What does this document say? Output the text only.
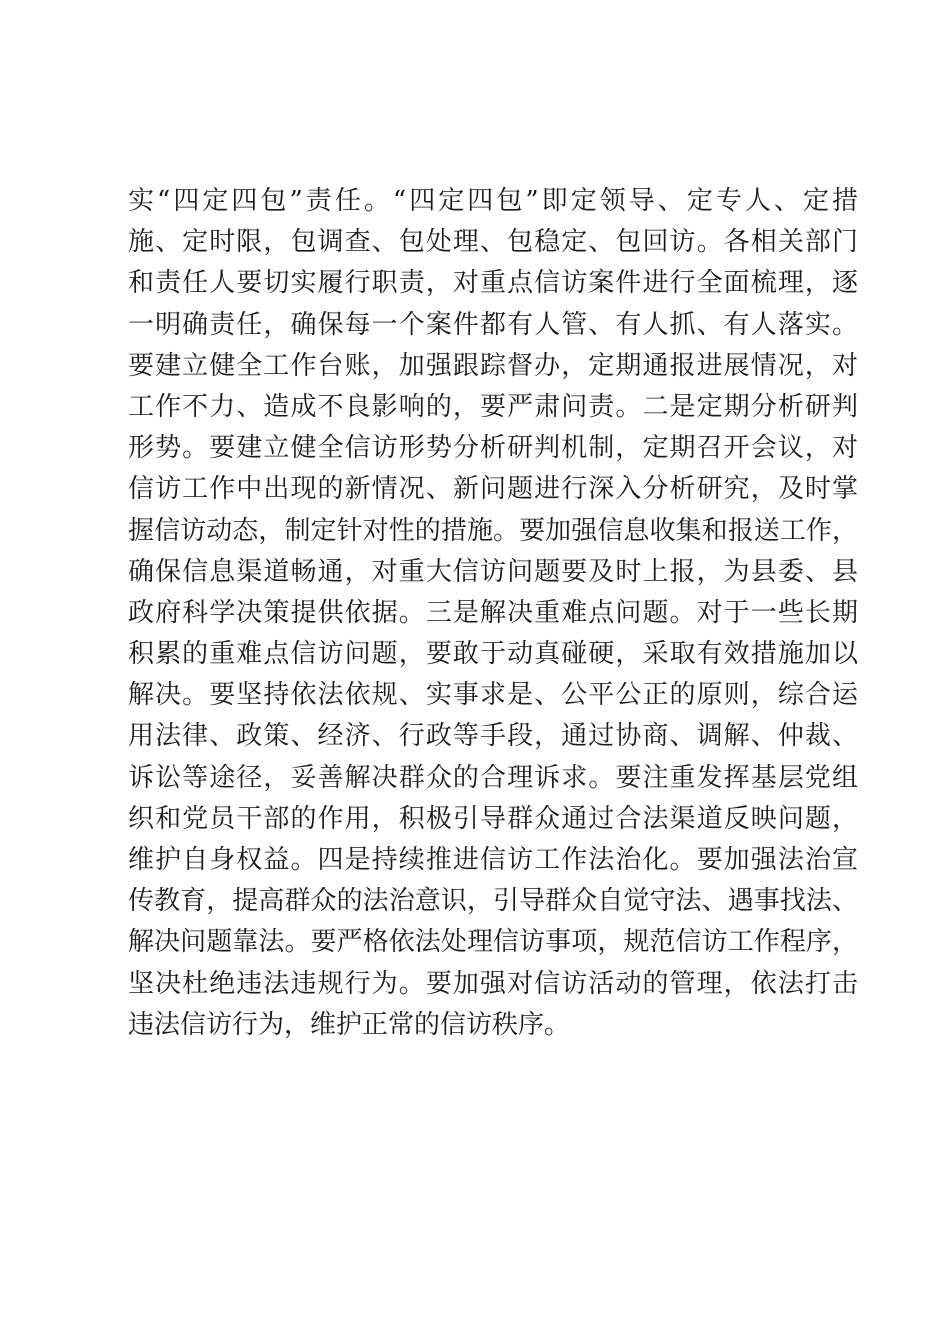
实“四定四包”责任。“四定四包”即定领导、定专人、定措
施、定时限，包调查、包处理、包稳定、包回访。各相关部门
和责任人要切实履行职责，对重点信访案件进行全面梳理，逐
一明确责任，确保每一个案件都有人管、有人抓、有人落实。
要建立健全工作台账，加强跟踪督办，定期通报进展情况，对
工作不力、造成不良影响的，要严肃问责。二是定期分析研判
形势。要建立健全信访形势分析研判机制，定期召开会议，对
信访工作中出现的新情况、新问题进行深入分析研究，及时掌
握信访动态，制定针对性的措施。要加强信息收集和报送工作，
确保信息渠道畅通，对重大信访问题要及时上报，为县委、县
政府科学决策提供依据。三是解决重难点问题。对于一些长期
积累的重难点信访问题，要敢于动真碰硬，采取有效措施加以
解决。要坚持依法依规、实事求是、公平公正的原则，综合运
用法律、政策、经济、行政等手段，通过协商、调解、仲裁、
诉讼等途径，妥善解决群众的合理诉求。要注重发挥基层党组
织和党员干部的作用，积极引导群众通过合法渠道反映问题，
维护自身权益。四是持续推进信访工作法治化。要加强法治宣
传教育，提高群众的法治意识，引导群众自觉守法、遇事找法、
解决问题靠法。要严格依法处理信访事项，规范信访工作程序，
坚决杜绝违法违规行为。要加强对信访活动的管理，依法打击
违法信访行为，维护正常的信访秩序。
